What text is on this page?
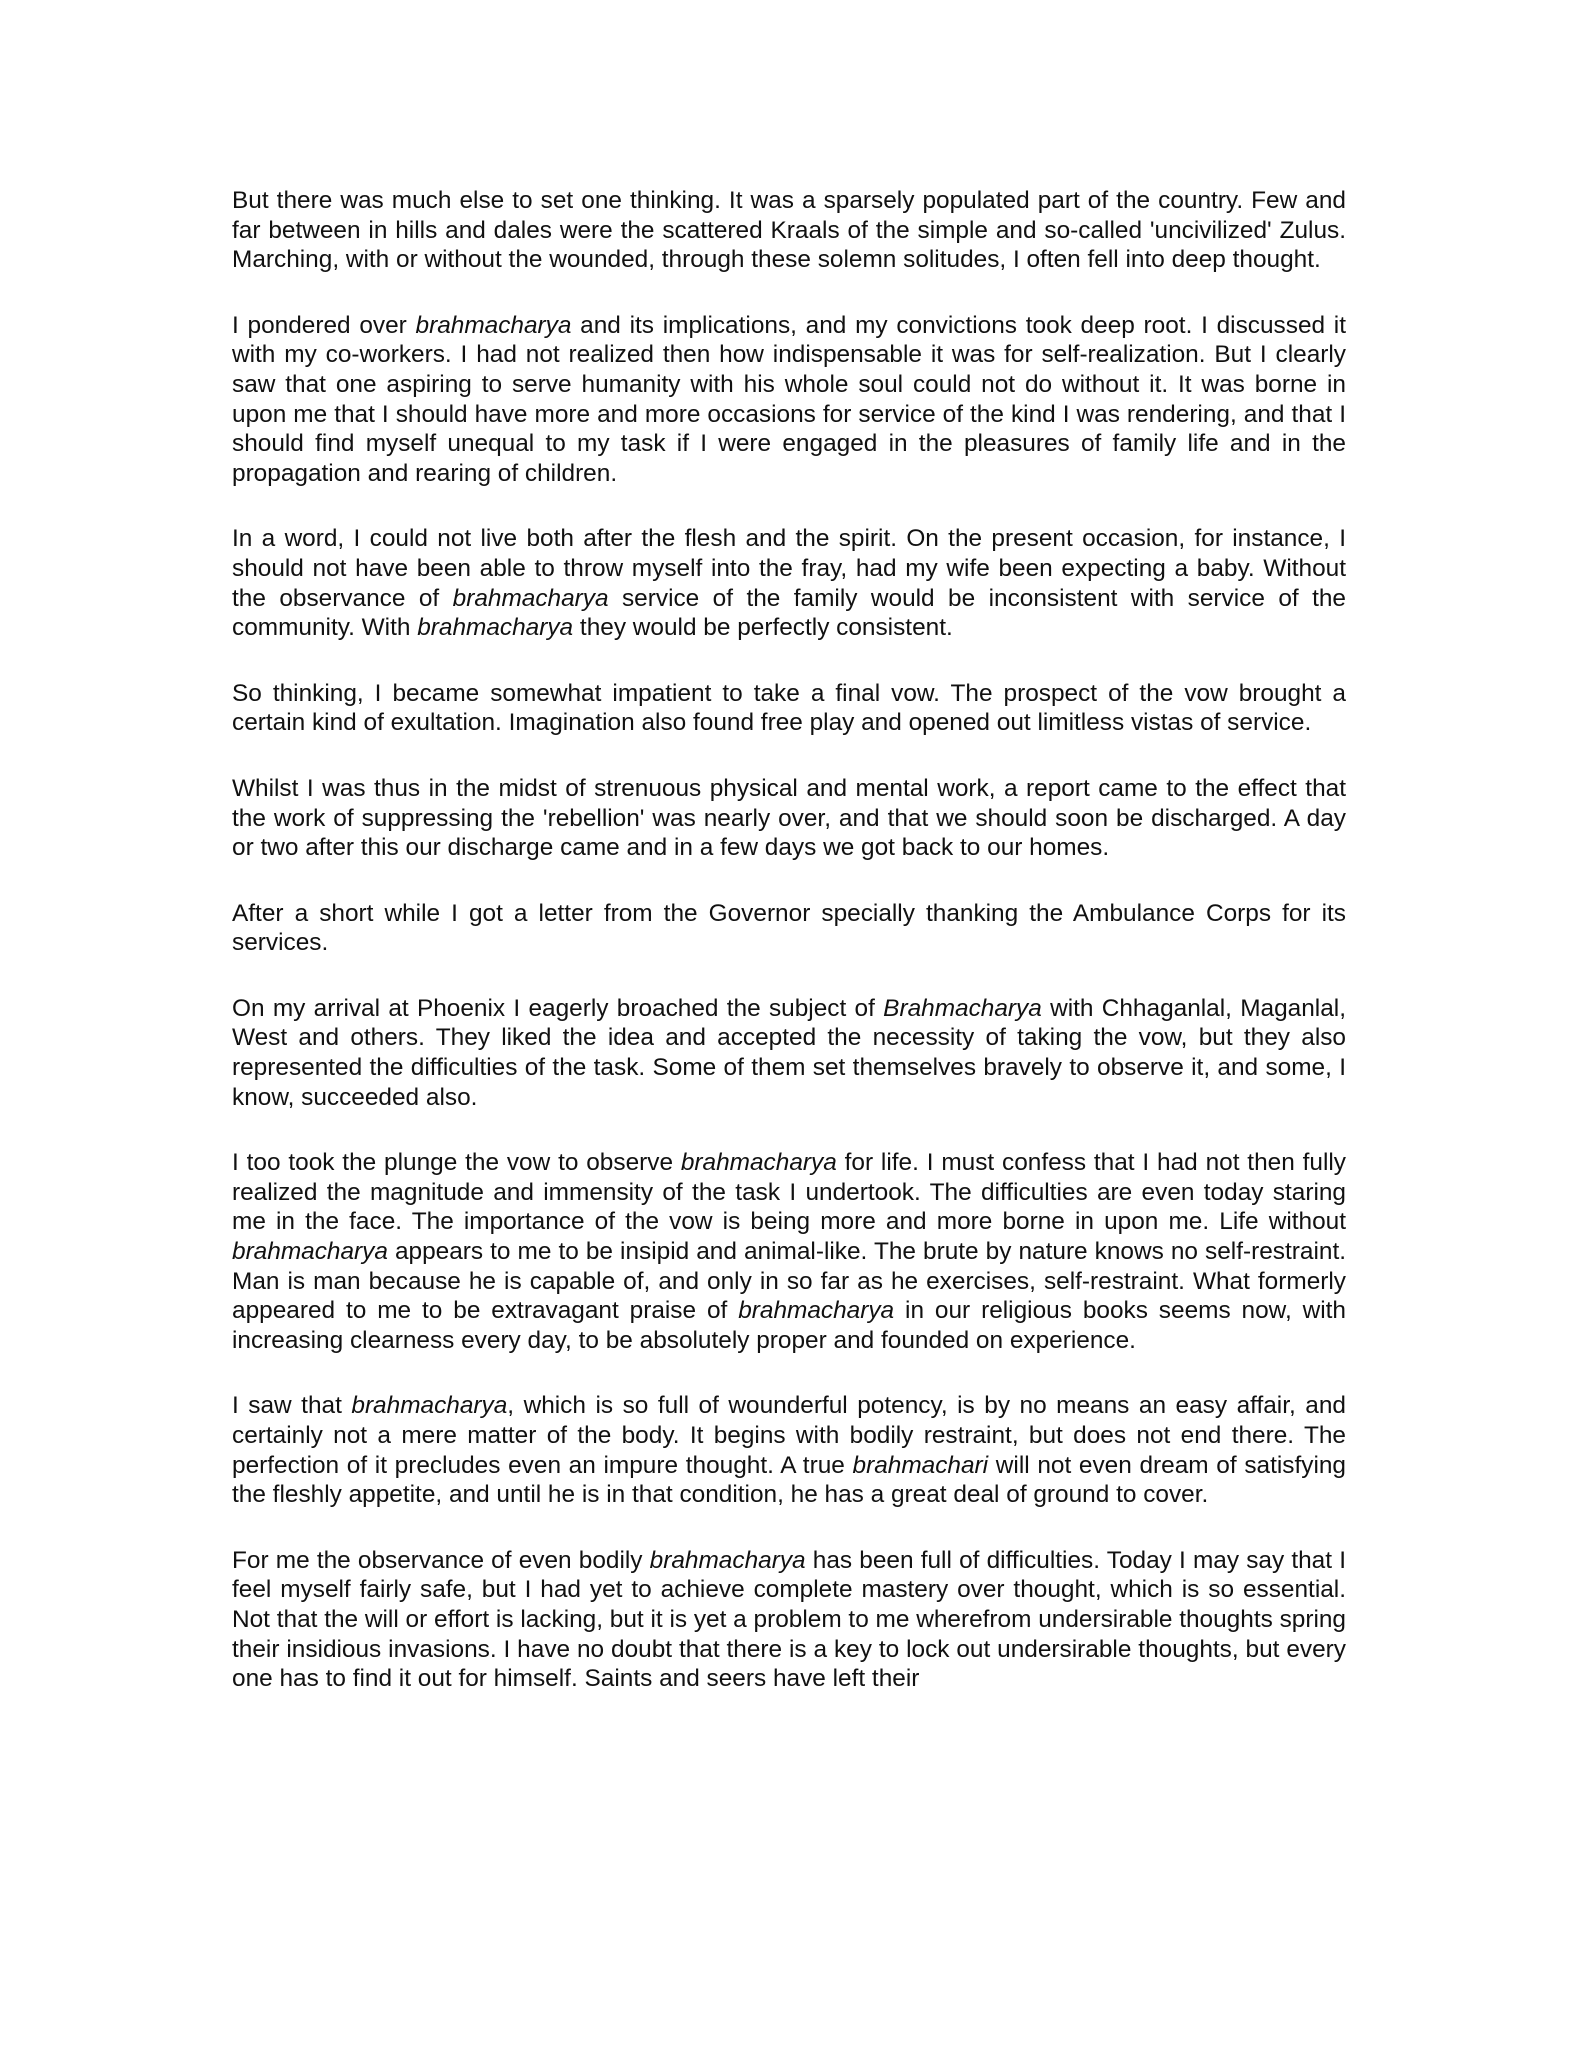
But there was much else to set one thinking. It was a sparsely populated part of the country. Few and far between in hills and dales were the scattered Kraals of the simple and so-called 'uncivilized' Zulus. Marching, with or without the wounded, through these solemn solitudes, I often fell into deep thought.

I pondered over brahmacharya and its implications, and my convictions took deep root. I discussed it with my co-workers. I had not realized then how indispensable it was for self-realization. But I clearly saw that one aspiring to serve humanity with his whole soul could not do without it. It was borne in upon me that I should have more and more occasions for service of the kind I was rendering, and that I should find myself unequal to my task if I were engaged in the pleasures of family life and in the propagation and rearing of children.

In a word, I could not live both after the flesh and the spirit. On the present occasion, for instance, I should not have been able to throw myself into the fray, had my wife been expecting a baby. Without the observance of brahmacharya service of the family would be inconsistent with service of the community. With brahmacharya they would be perfectly consistent.

So thinking, I became somewhat impatient to take a final vow. The prospect of the vow brought a certain kind of exultation. Imagination also found free play and opened out limitless vistas of service.

Whilst I was thus in the midst of strenuous physical and mental work, a report came to the effect that the work of suppressing the 'rebellion' was nearly over, and that we should soon be discharged. A day or two after this our discharge came and in a few days we got back to our homes.

After a short while I got a letter from the Governor specially thanking the Ambulance Corps for its services.

On my arrival at Phoenix I eagerly broached the subject of Brahmacharya with Chhaganlal, Maganlal, West and others. They liked the idea and accepted the necessity of taking the vow, but they also represented the difficulties of the task. Some of them set themselves bravely to observe it, and some, I know, succeeded also.

I too took the plunge the vow to observe brahmacharya for life. I must confess that I had not then fully realized the magnitude and immensity of the task I undertook. The difficulties are even today staring me in the face. The importance of the vow is being more and more borne in upon me. Life without brahmacharya appears to me to be insipid and animal-like. The brute by nature knows no self-restraint. Man is man because he is capable of, and only in so far as he exercises, self-restraint. What formerly appeared to me to be extravagant praise of brahmacharya in our religious books seems now, with increasing clearness every day, to be absolutely proper and founded on experience.

I saw that brahmacharya, which is so full of wounderful potency, is by no means an easy affair, and certainly not a mere matter of the body. It begins with bodily restraint, but does not end there. The perfection of it precludes even an impure thought. A true brahmachari will not even dream of satisfying the fleshly appetite, and until he is in that condition, he has a great deal of ground to cover.

For me the observance of even bodily brahmacharya has been full of difficulties. Today I may say that I feel myself fairly safe, but I had yet to achieve complete mastery over thought, which is so essential. Not that the will or effort is lacking, but it is yet a problem to me wherefrom undersirable thoughts spring their insidious invasions. I have no doubt that there is a key to lock out undersirable thoughts, but every one has to find it out for himself. Saints and seers have left their
